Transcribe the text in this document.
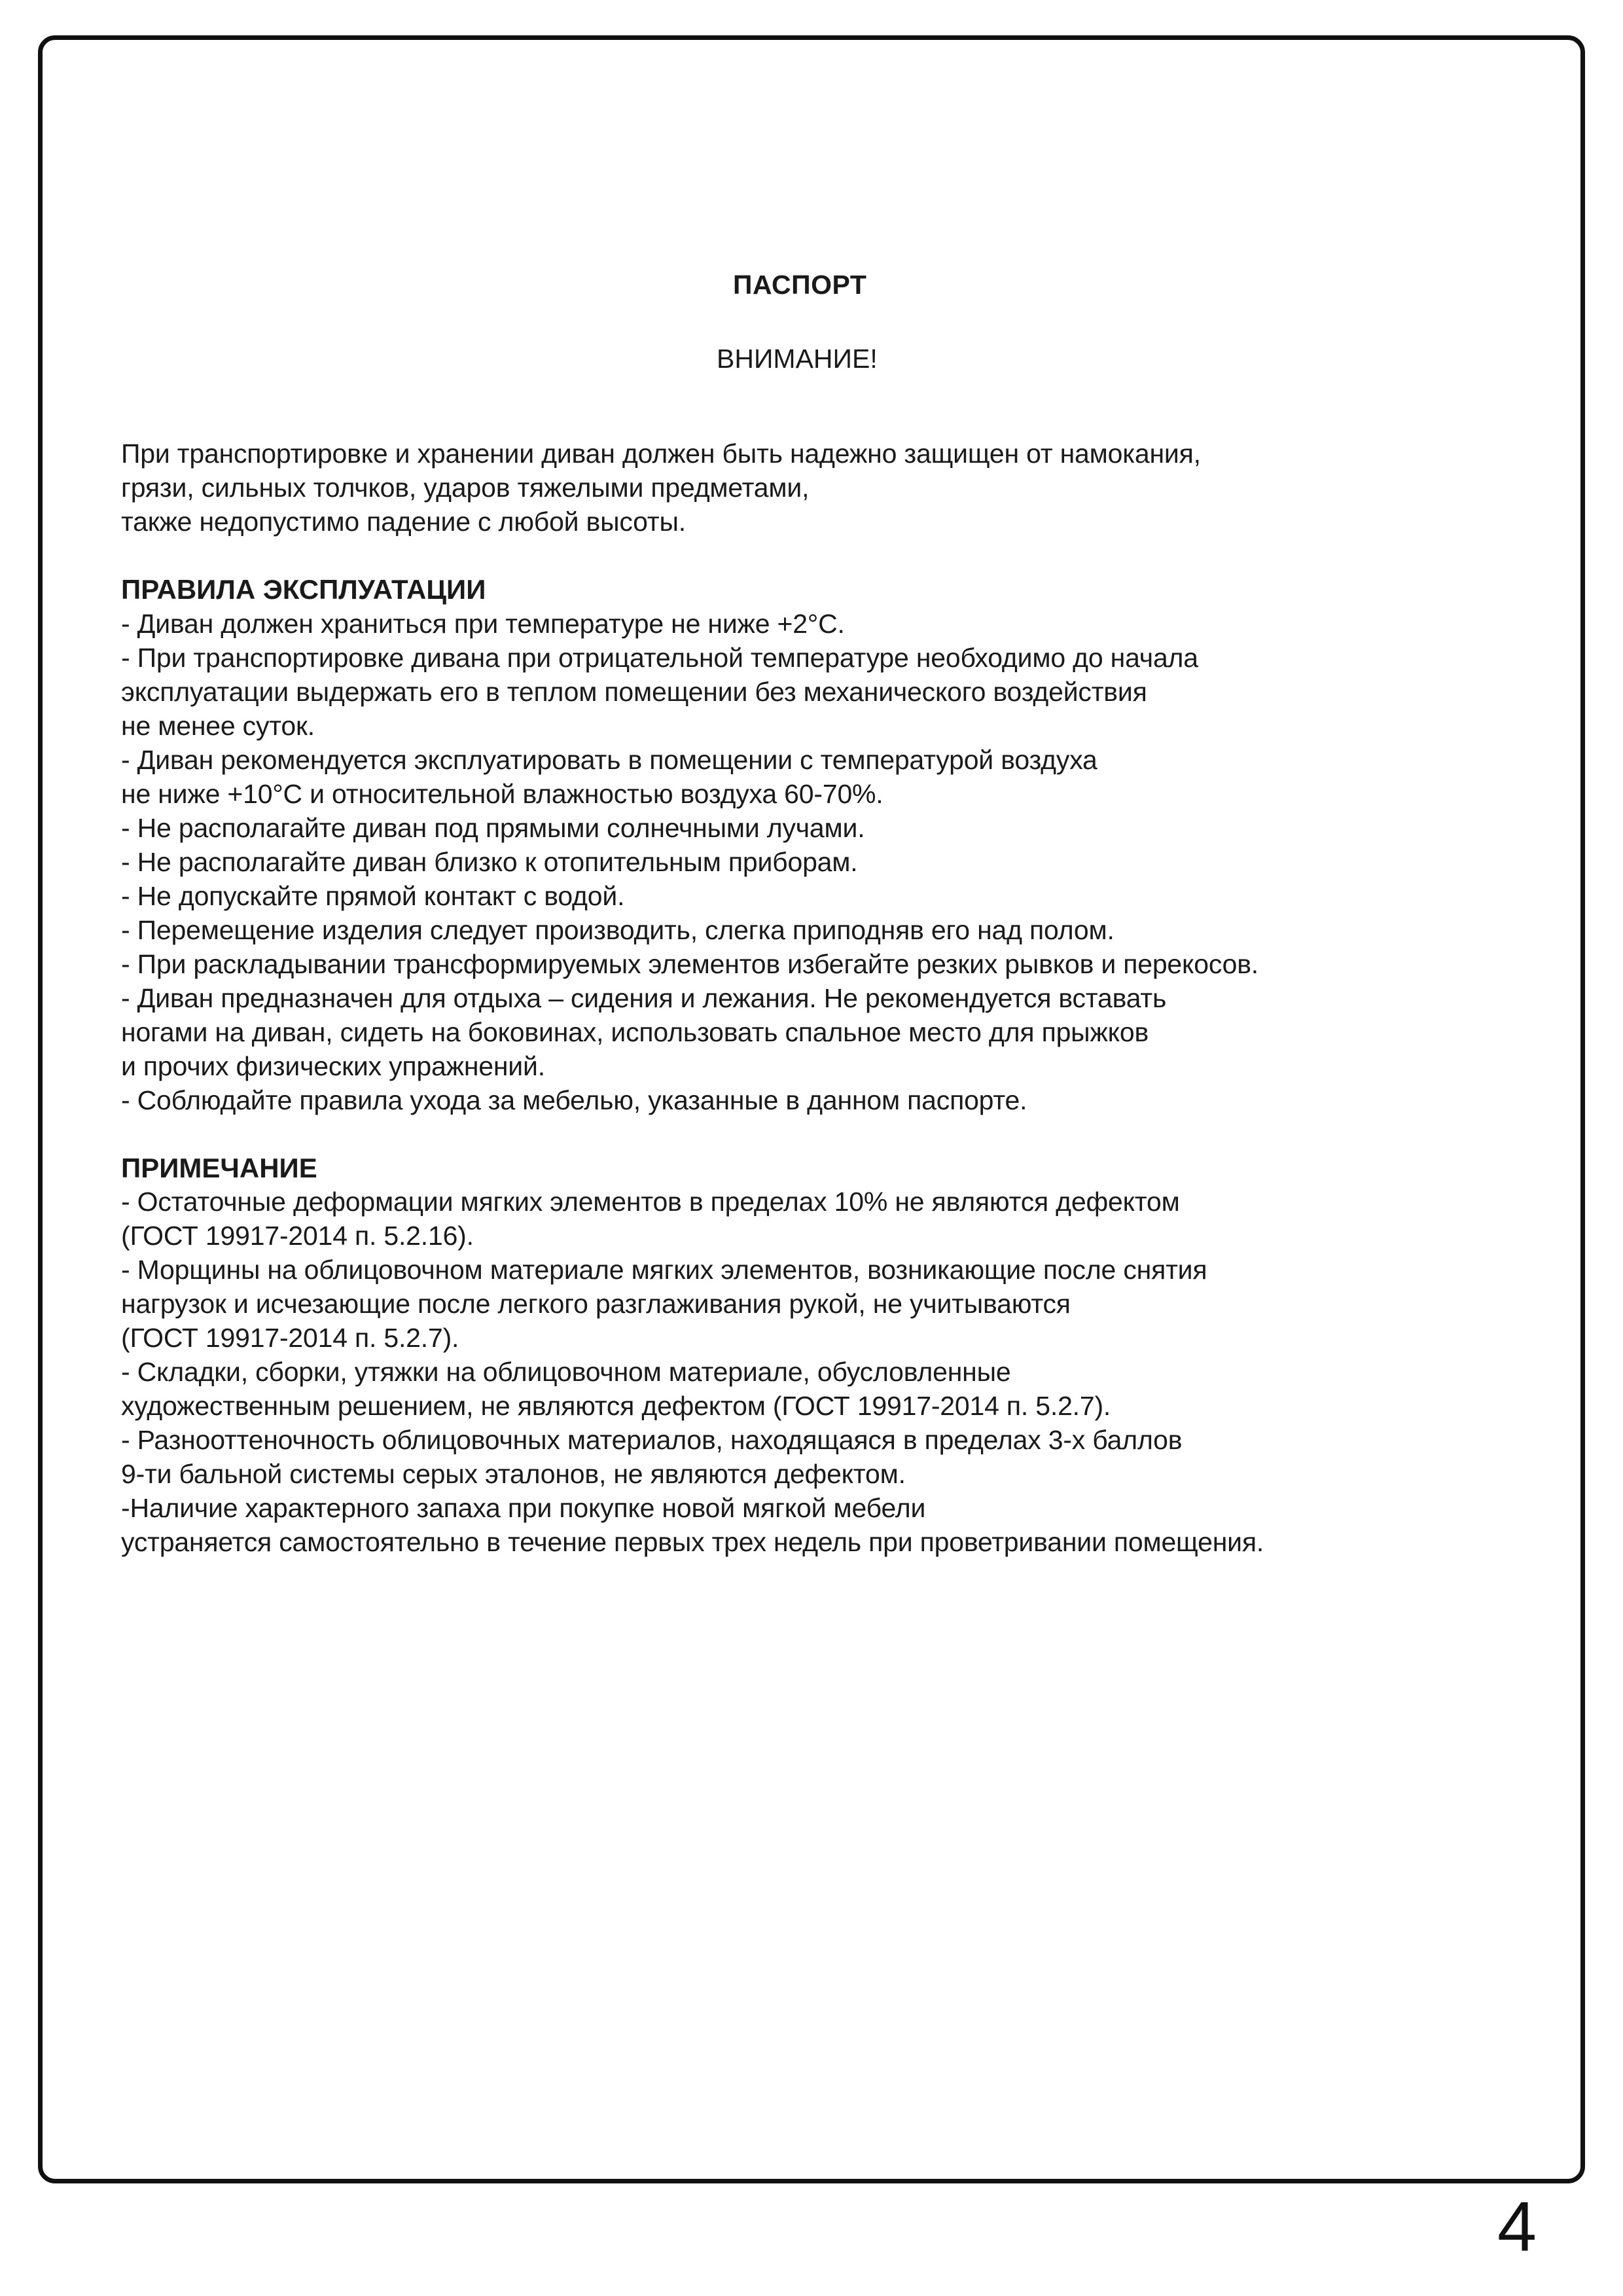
ПАСПОРТ
ВНИМАНИЕ!
При транспортировке и хранении диван должен быть надежно защищен от намокания,
грязи, сильных толчков, ударов тяжелыми предметами,
также недопустимо падение с любой высоты.
ПРАВИЛА ЭКСПЛУАТАЦИИ
- Диван должен храниться при температуре не ниже +2°C.
- При транспортировке дивана при отрицательной температуре необходимо до начала
эксплуатации выдержать его в теплом помещении без механического воздействия
не менее суток.
- Диван рекомендуется эксплуатировать в помещении с температурой воздуха
не ниже +10°C и относительной влажностью воздуха 60-70%.
- Не располагайте диван под прямыми солнечными лучами.
- Не располагайте диван близко к отопительным приборам.
- Не допускайте прямой контакт с водой.
- Перемещение изделия следует производить, слегка приподняв его над полом.
- При раскладывании трансформируемых элементов избегайте резких рывков и перекосов.
- Диван предназначен для отдыха – сидения и лежания. Не рекомендуется вставать
ногами на диван, сидеть на боковинах, использовать спальное место для прыжков
и прочих физических упражнений.
- Соблюдайте правила ухода за мебелью, указанные в данном паспорте.
ПРИМЕЧАНИЕ
- Остаточные деформации мягких элементов в пределах 10% не являются дефектом
(ГОСТ 19917-2014 п. 5.2.16).
- Морщины на облицовочном материале мягких элементов, возникающие после снятия
нагрузок и исчезающие после легкого разглаживания рукой, не учитываются
(ГОСТ 19917-2014 п. 5.2.7).
- Складки, сборки, утяжки на облицовочном материале, обусловленные
художественным решением, не являются дефектом (ГОСТ 19917-2014 п. 5.2.7).
- Разнооттеночность облицовочных материалов, находящаяся в пределах 3-х баллов
9-ти бальной системы серых эталонов, не являются дефектом.
-Наличие характерного запаха при покупке новой мягкой мебели
устраняется самостоятельно в течение первых трех недель при проветривании помещения.
4
